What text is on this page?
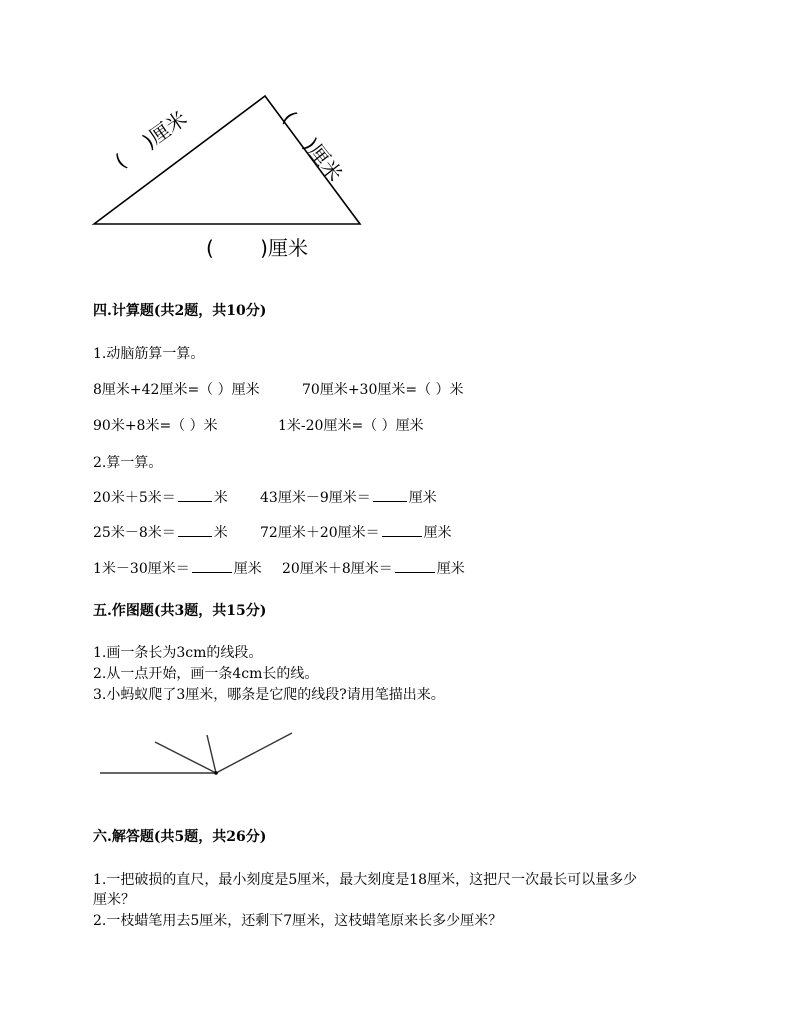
(　 )厘米	(　 )厘米
(　　 )厘米
四.计算题(共2题，共10分)
1.动脑筋算一算。
8厘米+42厘米=（ ）厘米	70厘米+30厘米=（ ）米
90米+8米=（ ）米	1米-20厘米=（ ）厘米
2.算一算。
20米＋5米＝	米 43厘米－9厘米＝	厘米
25米－8米＝	米 72厘米＋20厘米＝	厘米
1米－30厘米＝	厘米 20厘米＋8厘米＝	厘米
五.作图题(共3题，共15分)
1.画一条长为3cm的线段。
2.从一点开始，画一条4cm长的线。
3.小蚂蚁爬了3厘米，哪条是它爬的线段?请用笔描出来。
六.解答题(共5题，共26分)
1.一把破损的直尺，最小刻度是5厘米，最大刻度是18厘米，这把尺一次最长可以量多少
厘米？
2.一枝蜡笔用去5厘米，还剩下7厘米，这枝蜡笔原来长多少厘米？
